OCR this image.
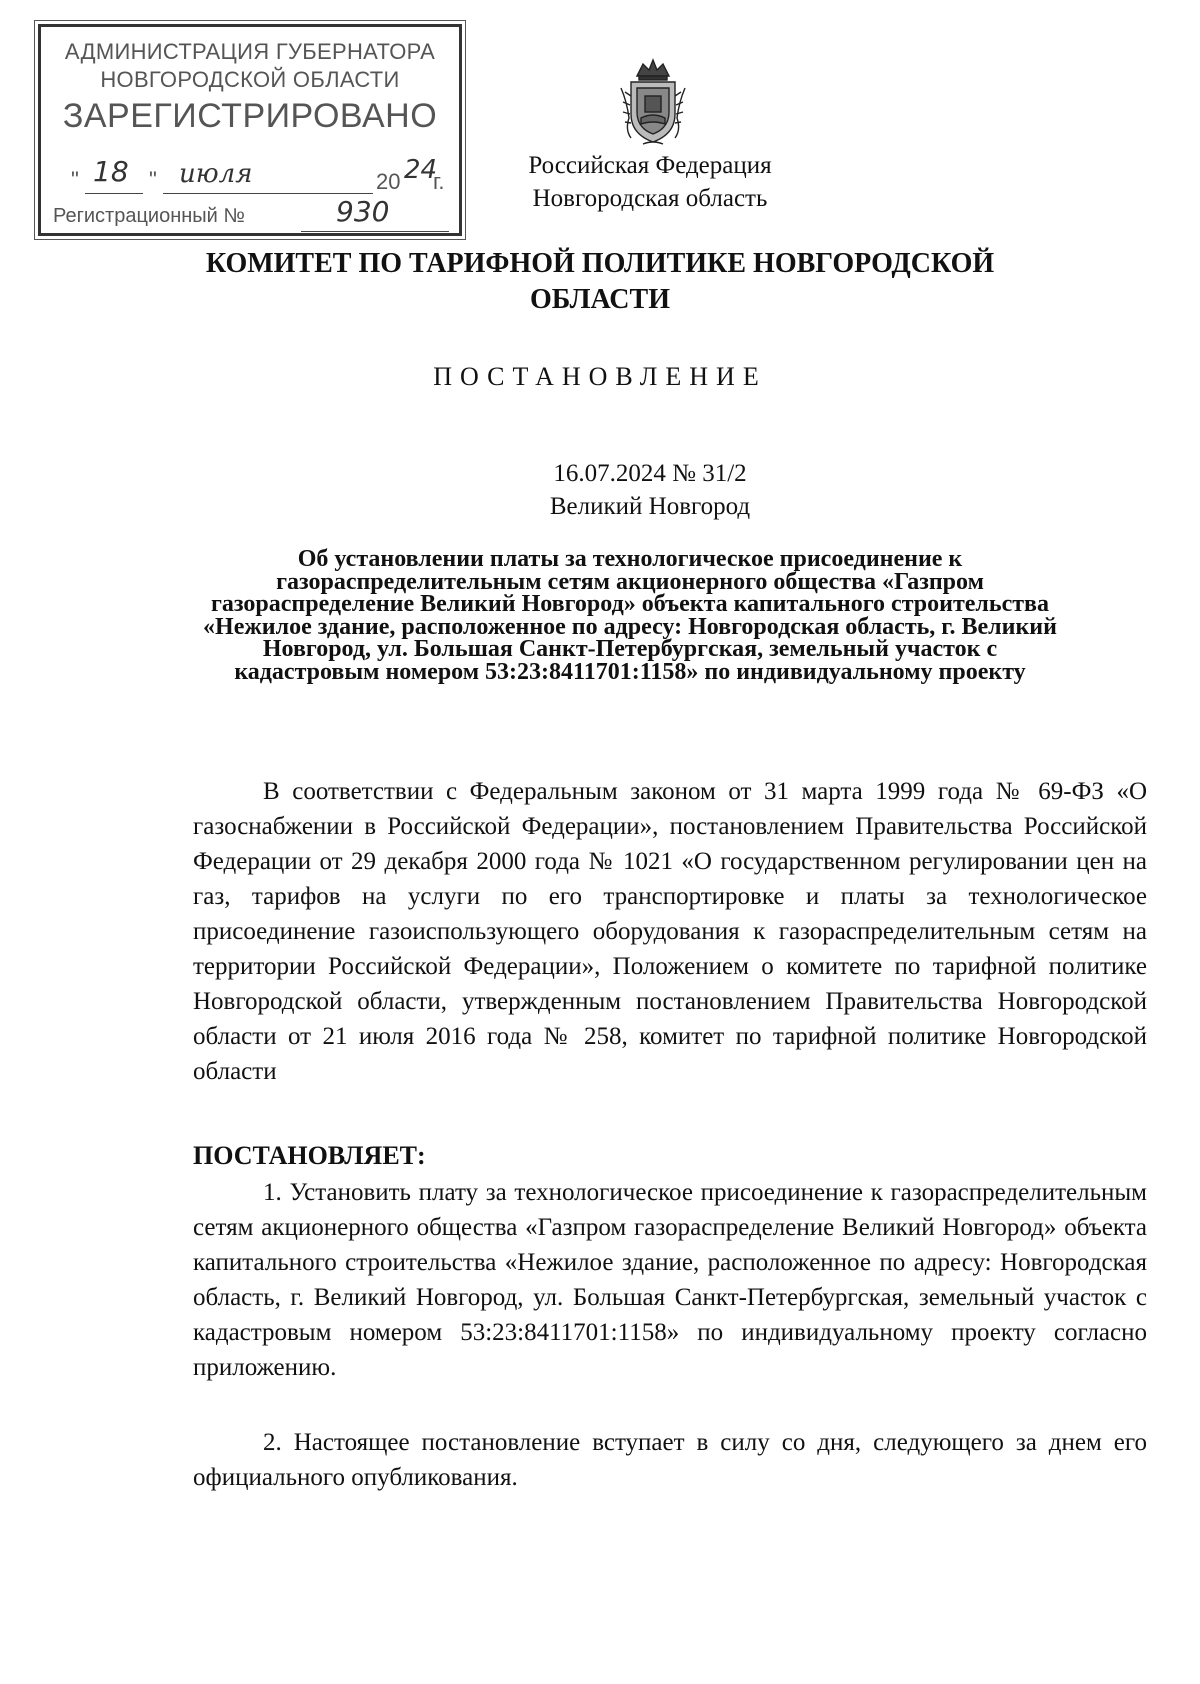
АДМИНИСТРАЦИЯ ГУБЕРНАТОРА
НОВГОРОДСКОЙ ОБЛАСТИ
ЗАРЕГИСТРИРОВАНО
" 18 " июля	20 24
г.
Регистрационный №	930
Российская Федерация
Новгородская область
КОМИТЕТ ПО ТАРИФНОЙ ПОЛИТИКЕ НОВГОРОДСКОЙ ОБЛАСТИ
ПОСТАНОВЛЕНИЕ
16.07.2024 № 31/2
Великий Новгород
Об установлении платы за технологическое присоединение к газораспределительным сетям акционерного общества «Газпром газораспределение Великий Новгород» объекта капитального строительства «Нежилое здание, расположенное по адресу: Новгородская область, г. Великий Новгород, ул. Большая Санкт-Петербургская, земельный участок с кадастровым номером 53:23:8411701:1158» по индивидуальному проекту

В соответствии с Федеральным законом от 31 марта 1999 года № 69-ФЗ «О газоснабжении в Российской Федерации», постановлением Правительства Российской Федерации от 29 декабря 2000 года № 1021 «О государственном регулировании цен на газ, тарифов на услуги по его транспортировке и платы за технологическое присоединение газоиспользующего оборудования к газораспределительным сетям на территории Российской Федерации», Положением о комитете по тарифной политике Новгородской области, утвержденным постановлением Правительства Новгородской области от 21 июля 2016 года № 258, комитет по тарифной политике Новгородской области

ПОСТАНОВЛЯЕТ:

1. Установить плату за технологическое присоединение к газораспределительным сетям акционерного общества «Газпром газораспределение Великий Новгород» объекта капитального строительства «Нежилое здание, расположенное по адресу: Новгородская область, г. Великий Новгород, ул. Большая Санкт-Петербургская, земельный участок с кадастровым номером 53:23:8411701:1158» по индивидуальному проекту согласно приложению.

2. Настоящее постановление вступает в силу со дня, следующего за днем его официального опубликования.
